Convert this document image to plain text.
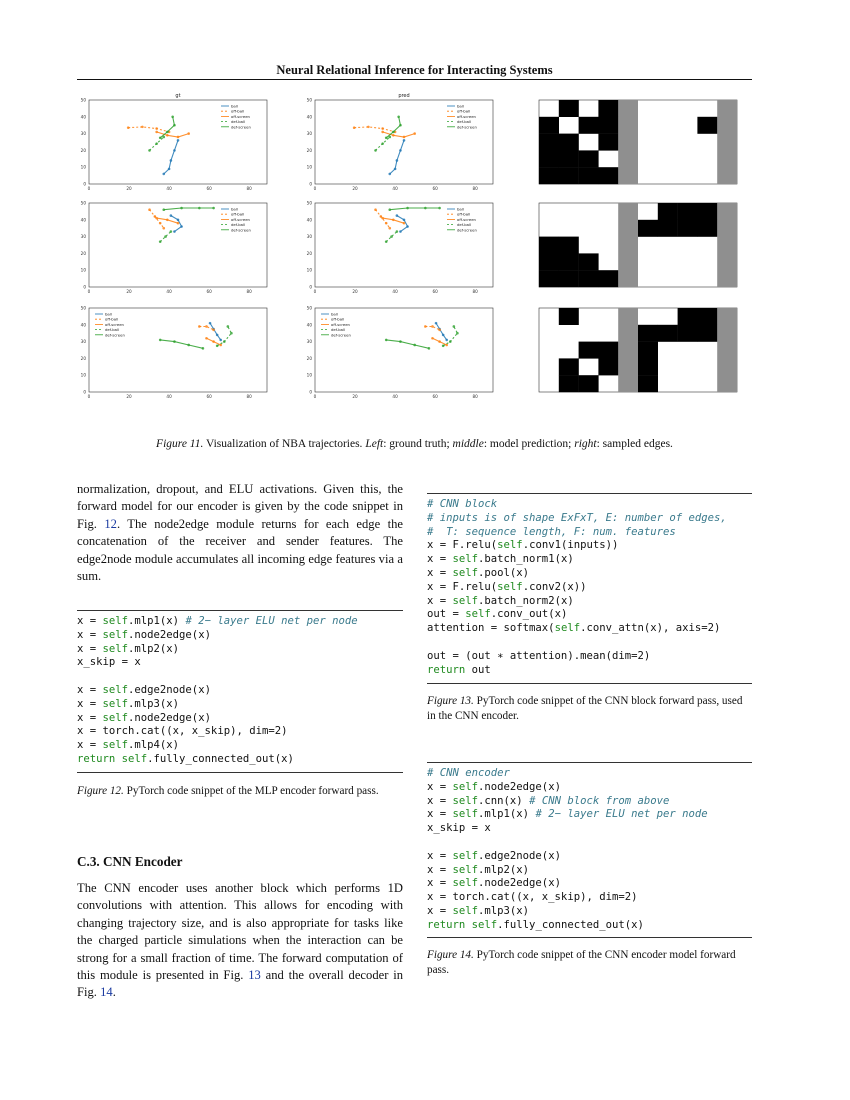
Neural Relational Inference for Interacting Systems
gt
0	20	40	60	80
0
10
20
30
40
50
ball
off-ball
off-screen
def-ball
def-screen
pred
0	20	40	60	80
0
10
20
30
40
50
ball
off-ball
off-screen
def-ball
def-screen
0	20	40	60	80
0
10
20
30
40
50
ball
off-ball
off-screen
def-ball
def-screen
0	20	40	60	80
0
10
20
30
40
50
ball
off-ball
off-screen
def-ball
def-screen
0	20	40	60	80
0
10
20
30
40
50
ball
off-ball
off-screen
def-ball
def-screen
0	20	40	60	80
0
10
20
30
40
50
ball
off-ball
off-screen
def-ball
def-screen
Figure 11. Visualization of NBA trajectories. Left: ground truth; middle: model prediction; right: sampled edges.
normalization, dropout, and ELU activations. Given this, the forward model for our encoder is given by the code snippet in Fig. 12. The node2edge module returns for each edge the concatenation of the receiver and sender features. The edge2node module accumulates all incoming edge features via a sum.
x = self.mlp1(x) # 2− layer ELU net per node
x = self.node2edge(x)
x = self.mlp2(x)
x_skip = x

x = self.edge2node(x)
x = self.mlp3(x)
x = self.node2edge(x)
x = torch.cat((x, x_skip), dim=2)
x = self.mlp4(x)
return self.fully_connected_out(x)
Figure 12. PyTorch code snippet of the MLP encoder forward pass.
C.3. CNN Encoder
The CNN encoder uses another block which performs 1D convolutions with attention. This allows for encoding with changing trajectory size, and is also appropriate for tasks like the charged particle simulations when the interaction can be strong for a small fraction of time. The forward computation of this module is presented in Fig. 13 and the overall decoder in Fig. 14.
# CNN block
# inputs is of shape ExFxT, E: number of edges,
#  T: sequence length, F: num. features
x = F.relu(self.conv1(inputs))
x = self.batch_norm1(x)
x = self.pool(x)
x = F.relu(self.conv2(x))
x = self.batch_norm2(x)
out = self.conv_out(x)
attention = softmax(self.conv_attn(x), axis=2)

out = (out ∗ attention).mean(dim=2)
return out
Figure 13. PyTorch code snippet of the CNN block forward pass, used in the CNN encoder.
# CNN encoder
x = self.node2edge(x)
x = self.cnn(x) # CNN block from above
x = self.mlp1(x) # 2− layer ELU net per node
x_skip = x

x = self.edge2node(x)
x = self.mlp2(x)
x = self.node2edge(x)
x = torch.cat((x, x_skip), dim=2)
x = self.mlp3(x)
return self.fully_connected_out(x)
Figure 14. PyTorch code snippet of the CNN encoder model forward pass.
